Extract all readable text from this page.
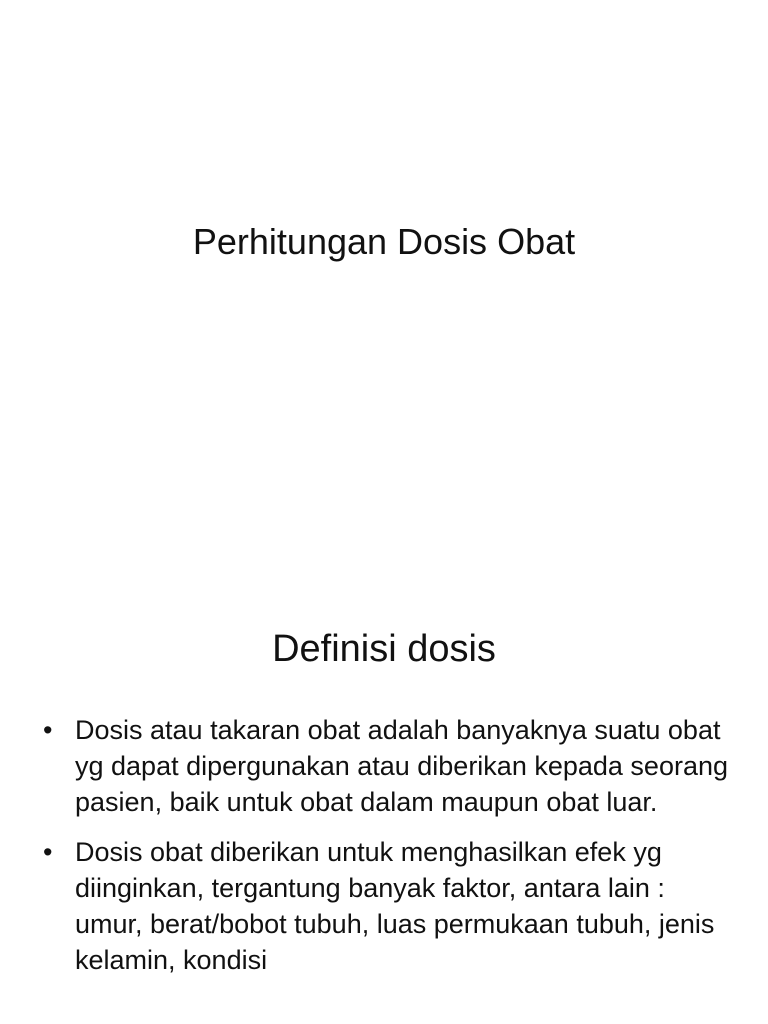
Perhitungan Dosis Obat
Definisi dosis
• Dosis atau takaran obat adalah banyaknya suatu obat yg dapat dipergunakan atau diberikan kepada seorang pasien, baik untuk obat dalam maupun obat luar.
• Dosis obat diberikan untuk menghasilkan efek yg diinginkan, tergantung banyak faktor, antara lain : umur, berat/bobot tubuh, luas permukaan tubuh, jenis kelamin, kondisi
